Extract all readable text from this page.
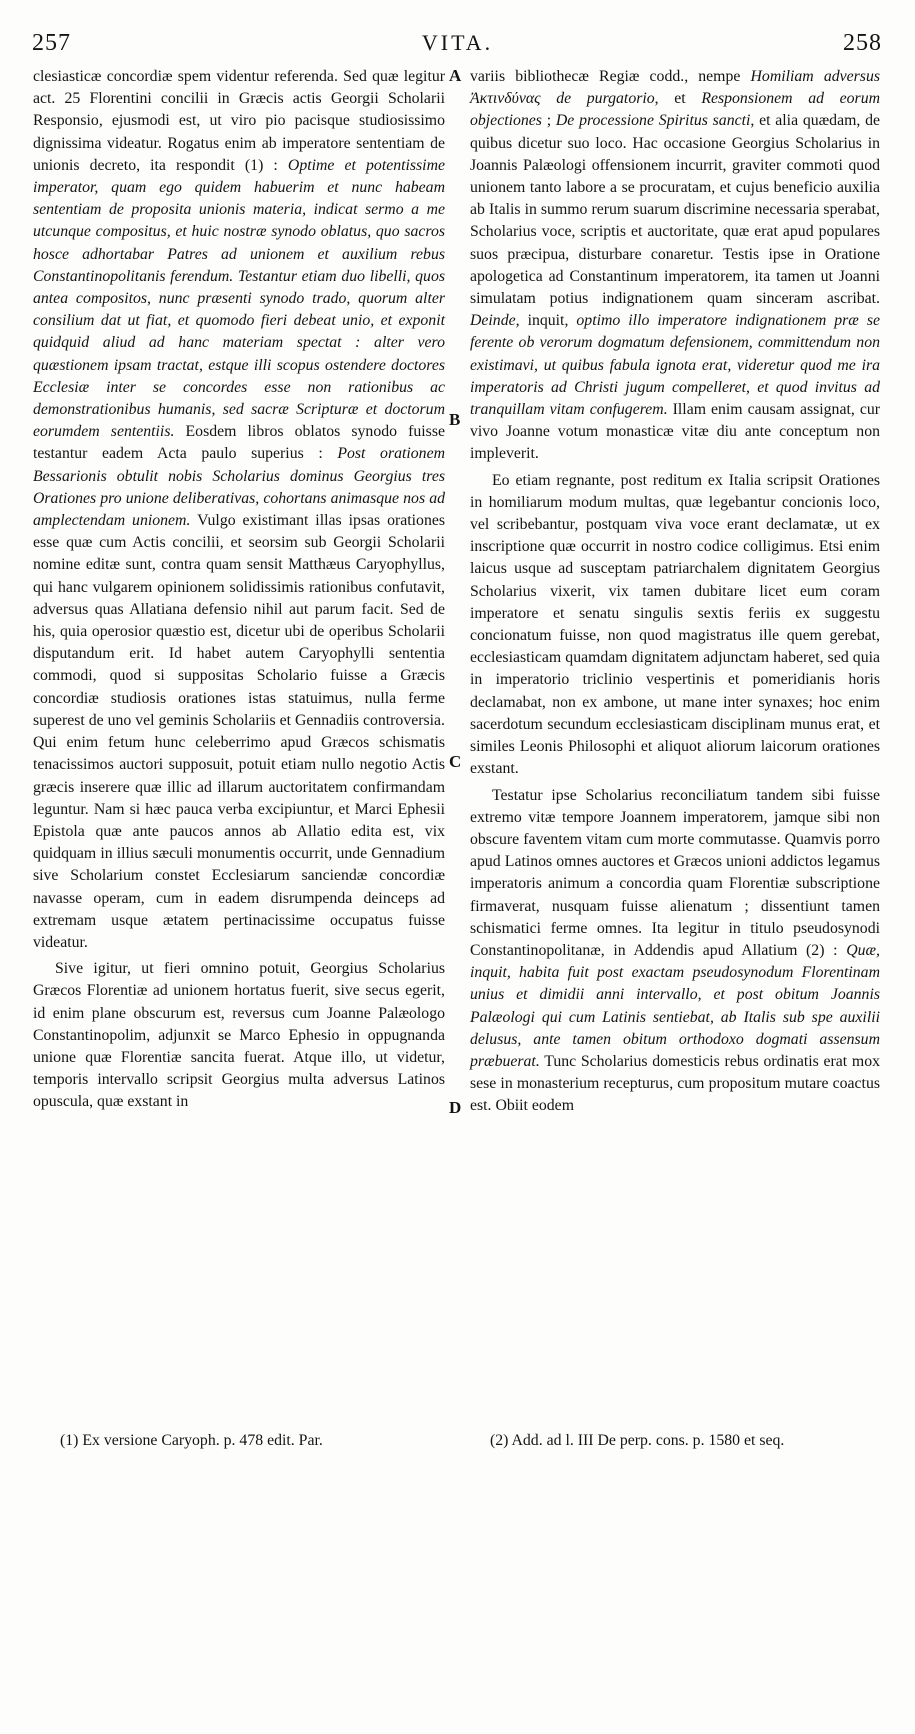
257	VITA.	258

clesiasticæ concordiæ spem videntur referenda. Sed quæ legitur act. 25 Florentini concilii in Græcis actis Georgii Scholarii Responsio, ejusmodi est, ut viro pio pacisque studiosissimo dignissima videatur. Rogatus enim ab imperatore sententiam de unionis decreto, ita respondit (1) : Optime et potentissime imperator, quam ego quidem habuerim et nunc habeam sententiam de proposita unionis materia, indicat sermo a me utcunque compositus, et huic nostræ synodo oblatus, quo sacros hosce adhortabar Patres ad unionem et auxilium rebus Constantinopolitanis ferendum. Testantur etiam duo libelli, quos antea compositos, nunc præsenti synodo trado, quorum alter consilium dat ut fiat, et quomodo fieri debeat unio, et exponit quidquid aliud ad hanc materiam spectat : alter vero quæstionem ipsam tractat, estque illi scopus ostendere doctores Ecclesiæ inter se concordes esse non rationibus ac demonstrationibus humanis, sed sacræ Scripturæ et doctorum eorumdem sententiis. Eosdem libros oblatos synodo fuisse testantur eadem Acta paulo superius : Post orationem Bessarionis obtulit nobis Scholarius dominus Georgius tres Orationes pro unione deliberativas, cohortans animasque nos ad amplectendam unionem. Vulgo existimant illas ipsas orationes esse quæ cum Actis concilii, et seorsim sub Georgii Scholarii nomine editæ sunt, contra quam sensit Matthæus Caryophyllus, qui hanc vulgarem opinionem solidissimis rationibus confutavit, adversus quas Allatiana defensio nihil aut parum facit. Sed de his, quia operosior quæstio est, dicetur ubi de operibus Scholarii disputandum erit. Id habet autem Caryophylli sententia commodi, quod si suppositas Scholario fuisse a Græcis concordiæ studiosis orationes istas statuimus, nulla ferme superest de uno vel geminis Scholariis et Gennadiis controversia. Qui enim fetum hunc celeberrimo apud Græcos schismatis tenacissimos auctori supposuit, potuit etiam nullo negotio Actis græcis inserere quæ illic ad illarum auctoritatem confirmandam leguntur. Nam si hæc pauca verba excipiuntur, et Marci Ephesii Epistola quæ ante paucos annos ab Allatio edita est, vix quidquam in illius sæculi monumentis occurrit, unde Gennadium sive Scholarium constet Ecclesiarum sanciendæ concordiæ navasse operam, cum in eadem disrumpenda deinceps ad extremam usque ætatem pertinacissime occupatus fuisse videatur.

Sive igitur, ut fieri omnino potuit, Georgius Scholarius Græcos Florentiæ ad unionem hortatus fuerit, sive secus egerit, id enim plane obscurum est, reversus cum Joanne Palæologo Constantinopolim, adjunxit se Marco Ephesio in oppugnanda unione quæ Florentiæ sancita fuerat. Atque illo, ut videtur, temporis intervallo scripsit Georgius multa adversus Latinos opuscula, quæ exstant in

A
B
C
D

variis bibliothecæ Regiæ codd., nempe Homiliam adversus Ἀκτινδύνας de purgatorio, et Responsionem ad eorum objectiones ; De processione Spiritus sancti, et alia quædam, de quibus dicetur suo loco. Hac occasione Georgius Scholarius in Joannis Palæologi offensionem incurrit, graviter commoti quod unionem tanto labore a se procuratam, et cujus beneficio auxilia ab Italis in summo rerum suarum discrimine necessaria sperabat, Scholarius voce, scriptis et auctoritate, quæ erat apud populares suos præcipua, disturbare conaretur. Testis ipse in Oratione apologetica ad Constantinum imperatorem, ita tamen ut Joanni simulatam potius indignationem quam sinceram ascribat. Deinde, inquit, optimo illo imperatore indignationem præ se ferente ob verorum dogmatum defensionem, committendum non existimavi, ut quibus fabula ignota erat, videretur quod me ira imperatoris ad Christi jugum compelleret, et quod invitus ad tranquillam vitam confugerem. Illam enim causam assignat, cur vivo Joanne votum monasticæ vitæ diu ante conceptum non impleverit.

Eo etiam regnante, post reditum ex Italia scripsit Orationes in homiliarum modum multas, quæ legebantur concionis loco, vel scribebantur, postquam viva voce erant declamatæ, ut ex inscriptione quæ occurrit in nostro codice colligimus. Etsi enim laicus usque ad susceptam patriarchalem dignitatem Georgius Scholarius vixerit, vix tamen dubitare licet eum coram imperatore et senatu singulis sextis feriis ex suggestu concionatum fuisse, non quod magistratus ille quem gerebat, ecclesiasticam quamdam dignitatem adjunctam haberet, sed quia in imperatorio triclinio vespertinis et pomeridianis horis declamabat, non ex ambone, ut mane inter synaxes; hoc enim sacerdotum secundum ecclesiasticam disciplinam munus erat, et similes Leonis Philosophi et aliquot aliorum laicorum orationes exstant.

Testatur ipse Scholarius reconciliatum tandem sibi fuisse extremo vitæ tempore Joannem imperatorem, jamque sibi non obscure faventem vitam cum morte commutasse. Quamvis porro apud Latinos omnes auctores et Græcos unioni addictos legamus imperatoris animum a concordia quam Florentiæ subscriptione firmaverat, nusquam fuisse alienatum ; dissentiunt tamen schismatici ferme omnes. Ita legitur in titulo pseudosynodi Constantinopolitanæ, in Addendis apud Allatium (2) : Quæ, inquit, habita fuit post exactam pseudosynodum Florentinam unius et dimidii anni intervallo, et post obitum Joannis Palæologi qui cum Latinis sentiebat, ab Italis sub spe auxilii delusus, ante tamen obitum orthodoxo dogmati assensum præbuerat. Tunc Scholarius domesticis rebus ordinatis erat mox sese in monasterium recepturus, cum propositum mutare coactus est. Obiit eodem

(1) Ex versione Caryoph. p. 478 edit. Par.	(2) Add. ad l. III De perp. cons. p. 1580 et seq.
